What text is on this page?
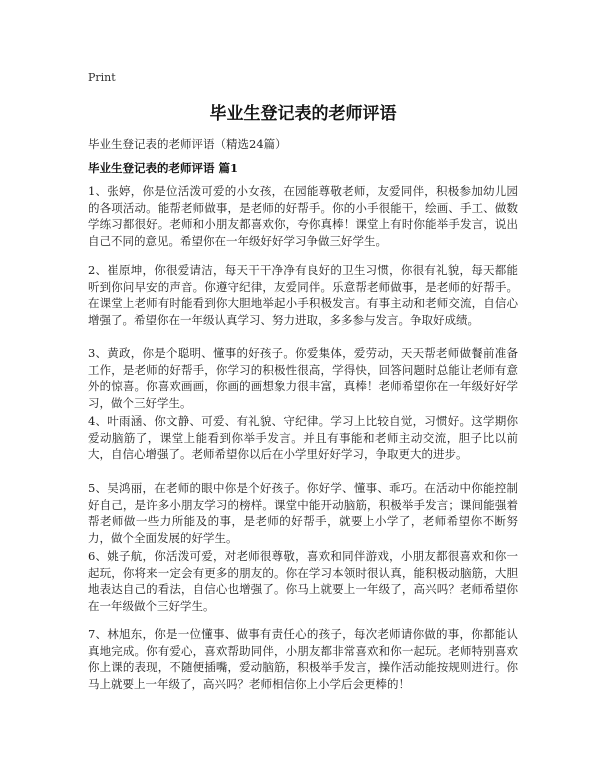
Print
毕业生登记表的老师评语
毕业生登记表的老师评语（精选24篇）
毕业生登记表的老师评语 篇1

1、张婷，你是位活泼可爱的小女孩，在园能尊敬老师，友爱同伴，积极参加幼儿园的各项活动。能帮老师做事，是老师的好帮手。你的小手很能干，绘画、手工、做数学练习都很好。老师和小朋友都喜欢你，夸你真棒！课堂上有时你能举手发言，说出自己不同的意见。希望你在一年级好好学习争做三好学生。

2、崔原坤，你很爱请洁，每天干干净净有良好的卫生习惯，你很有礼貌，每天都能听到你问早安的声音。你遵守纪律，友爱同伴。乐意帮老师做事，是老师的好帮手。在课堂上老师有时能看到你大胆地举起小手积极发言。有事主动和老师交流，自信心增强了。希望你在一年级认真学习、努力进取，多多参与发言。争取好成绩。

3、黄政，你是个聪明、懂事的好孩子。你爱集体，爱劳动，天天帮老师做餐前准备工作，是老师的好帮手，你学习的积极性很高，学得快，回答问题时总能让老师有意外的惊喜。你喜欢画画，你画的画想象力很丰富，真棒！老师希望你在一年级好好学习，做个三好学生。

4、叶雨涵、你文静、可爱、有礼貌、守纪律。学习上比较自觉，习惯好。这学期你爱动脑筋了，课堂上能看到你举手发言。并且有事能和老师主动交流，胆子比以前大，自信心增强了。老师希望你以后在小学里好好学习，争取更大的进步。

5、吴鸿丽，在老师的眼中你是个好孩子。你好学、懂事、乖巧。在活动中你能控制好自己，是许多小朋友学习的榜样。课堂中能开动脑筋，积极举手发言；课间能强着帮老师做一些力所能及的事，是老师的好帮手，就要上小学了，老师希望你不断努力，做个全面发展的好学生。

6、姚子航，你活泼可爱，对老师很尊敬，喜欢和同伴游戏，小朋友都很喜欢和你一起玩，你将来一定会有更多的朋友的。你在学习本领时很认真，能积极动脑筋，大胆地表达自己的看法，自信心也增强了。你马上就要上一年级了，高兴吗？老师希望你在一年级做个三好学生。

7、林旭东，你是一位懂事、做事有责任心的孩子，每次老师请你做的事，你都能认真地完成。你有爱心，喜欢帮助同伴，小朋友都非常喜欢和你一起玩。老师特别喜欢你上课的表现，不随便插嘴，爱动脑筋，积极举手发言，操作活动能按规则进行。你马上就要上一年级了，高兴吗？老师相信你上小学后会更棒的！
